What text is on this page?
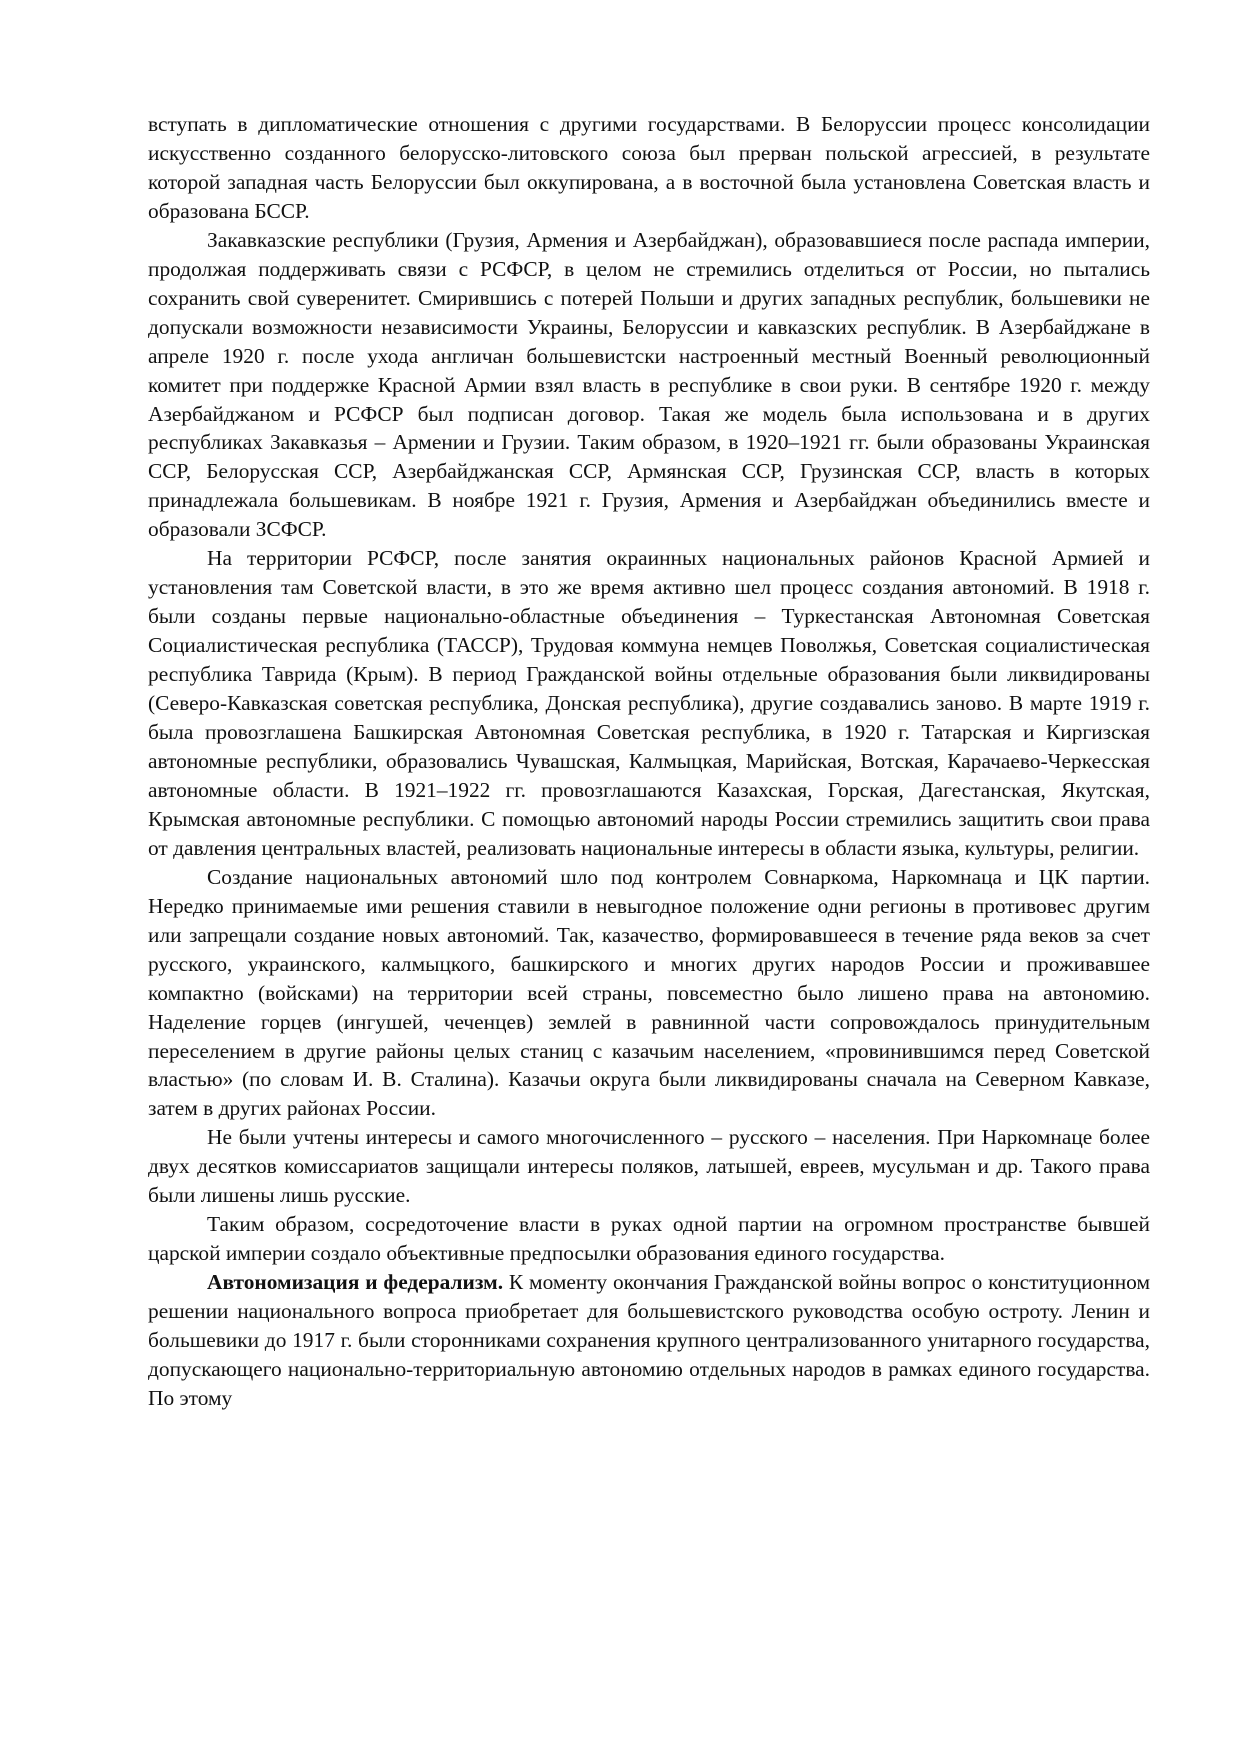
вступать в дипломатические отношения с другими государствами. В Белоруссии процесс консолидации искусственно созданного белорусско-литовского союза был прерван польской агрессией, в результате которой западная часть Белоруссии был оккупирована, а в восточной была установлена Советская власть и образована БССР.

Закавказские республики (Грузия, Армения и Азербайджан), образовавшиеся после распада империи, продолжая поддерживать связи с РСФСР, в целом не стремились отделиться от России, но пытались сохранить свой суверенитет. Смирившись с потерей Польши и других западных республик, большевики не допускали возможности независимости Украины, Белоруссии и кавказских республик. В Азербайджане в апреле 1920 г. после ухода англичан большевистски настроенный местный Военный революционный комитет при поддержке Красной Армии взял власть в республике в свои руки. В сентябре 1920 г. между Азербайджаном и РСФСР был подписан договор. Такая же модель была использована и в других республиках Закавказья – Армении и Грузии. Таким образом, в 1920–1921 гг. были образованы Украинская ССР, Белорусская ССР, Азербайджанская ССР, Армянская ССР, Грузинская ССР, власть в которых принадлежала большевикам. В ноябре 1921 г. Грузия, Армения и Азербайджан объединились вместе и образовали ЗСФСР.

На территории РСФСР, после занятия окраинных национальных районов Красной Армией и установления там Советской власти, в это же время активно шел процесс создания автономий. В 1918 г. были созданы первые национально-областные объединения – Туркестанская Автономная Советская Социалистическая республика (ТАССР), Трудовая коммуна немцев Поволжья, Советская социалистическая республика Таврида (Крым). В период Гражданской войны отдельные образования были ликвидированы (Северо-Кавказская советская республика, Донская республика), другие создавались заново. В марте 1919 г. была провозглашена Башкирская Автономная Советская республика, в 1920 г. Татарская и Киргизская автономные республики, образовались Чувашская, Калмыцкая, Марийская, Вотская, Карачаево-Черкесская автономные области. В 1921–1922 гг. провозглашаются Казахская, Горская, Дагестанская, Якутская, Крымская автономные республики. С помощью автономий народы России стремились защитить свои права от давления центральных властей, реализовать национальные интересы в области языка, культуры, религии.

Создание национальных автономий шло под контролем Совнаркома, Наркомнаца и ЦК партии. Нередко принимаемые ими решения ставили в невыгодное положение одни регионы в противовес другим или запрещали создание новых автономий. Так, казачество, формировавшееся в течение ряда веков за счет русского, украинского, калмыцкого, башкирского и многих других народов России и проживавшее компактно (войсками) на территории всей страны, повсеместно было лишено права на автономию. Наделение горцев (ингушей, чеченцев) землей в равнинной части сопровождалось принудительным переселением в другие районы целых станиц с казачьим населением, «провинившимся перед Советской властью» (по словам И. В. Сталина). Казачьи округа были ликвидированы сначала на Северном Кавказе, затем в других районах России.

Не были учтены интересы и самого многочисленного – русского – населения. При Наркомнаце более двух десятков комиссариатов защищали интересы поляков, латышей, евреев, мусульман и др. Такого права были лишены лишь русские.

Таким образом, сосредоточение власти в руках одной партии на огромном пространстве бывшей царской империи создало объективные предпосылки образования единого государства.

Автономизация и федерализм. К моменту окончания Гражданской войны вопрос о конституционном решении национального вопроса приобретает для большевистского руководства особую остроту. Ленин и большевики до 1917 г. были сторонниками сохранения крупного централизованного унитарного государства, допускающего национально-территориальную автономию отдельных народов в рамках единого государства. По этому
